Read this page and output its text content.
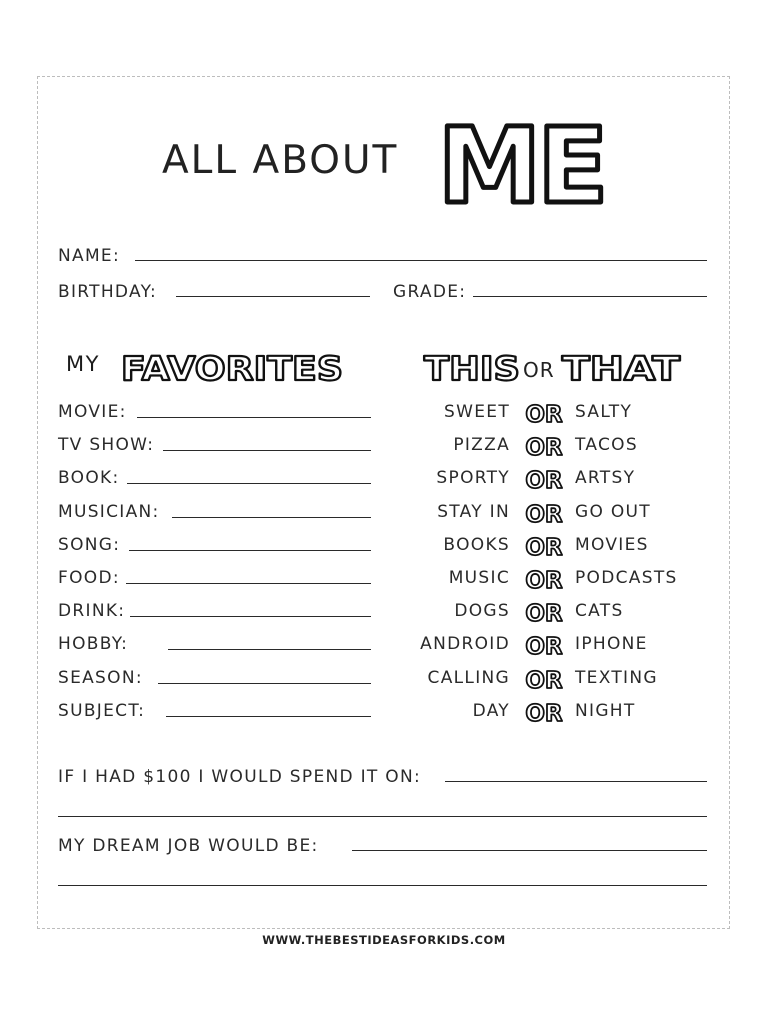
ALL ABOUT ME
NAME:
BIRTHDAY:	GRADE:
MY FAVORITES THIS OR THAT
MOVIE:
TV SHOW:
BOOK:
MUSICIAN:
SONG:
FOOD:
DRINK:
HOBBY:
SEASON:
SUBJECT:
SWEET OR SALTY
PIZZA OR TACOS
SPORTY OR ARTSY
STAY IN OR GO OUT
BOOKS OR MOVIES
MUSIC OR PODCASTS
DOGS OR CATS
ANDROID OR IPHONE
CALLING OR TEXTING
DAY OR NIGHT
IF I HAD $100 I WOULD SPEND IT ON:
MY DREAM JOB WOULD BE:
WWW.THEBESTIDEASFORKIDS.COM
